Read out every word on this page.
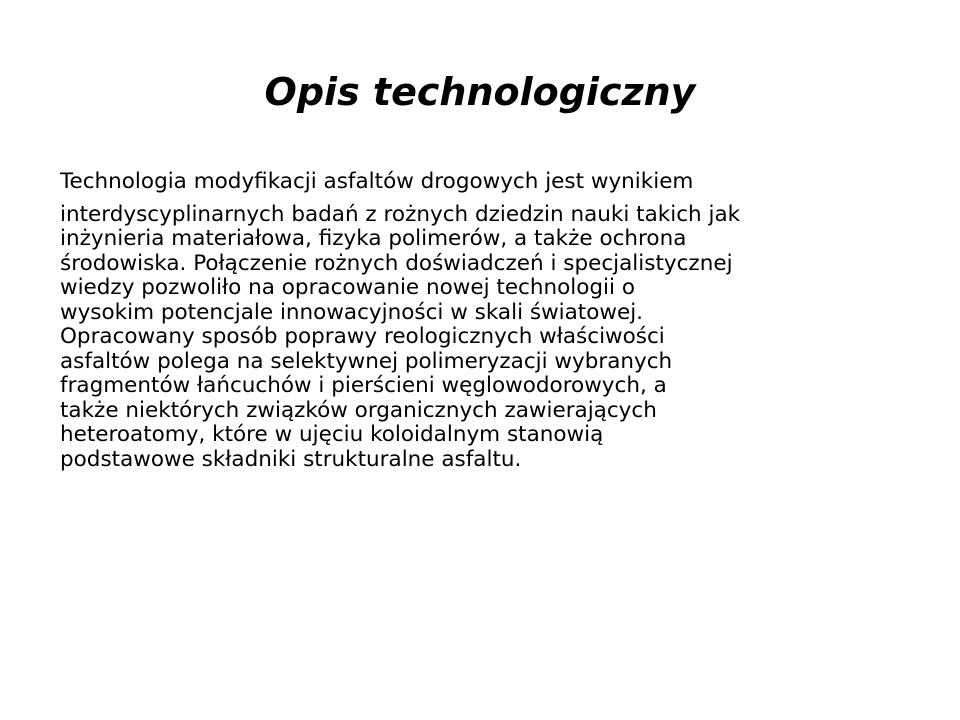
Opis technologiczny
Technologia modyfikacji asfaltów drogowych jest wynikiem
interdyscyplinarnych badań z rożnych dziedzin nauki takich jak
inżynieria materiałowa, fizyka polimerów, a także ochrona
środowiska. Połączenie rożnych doświadczeń i specjalistycznej
wiedzy pozwoliło na opracowanie nowej technologii o
wysokim potencjale innowacyjności w skali światowej.
Opracowany sposób poprawy reologicznych właściwości
asfaltów polega na selektywnej polimeryzacji wybranych
fragmentów łańcuchów i pierścieni węglowodorowych, a
także niektórych związków organicznych zawierających
heteroatomy, które w ujęciu koloidalnym stanowią
podstawowe składniki strukturalne asfaltu.
